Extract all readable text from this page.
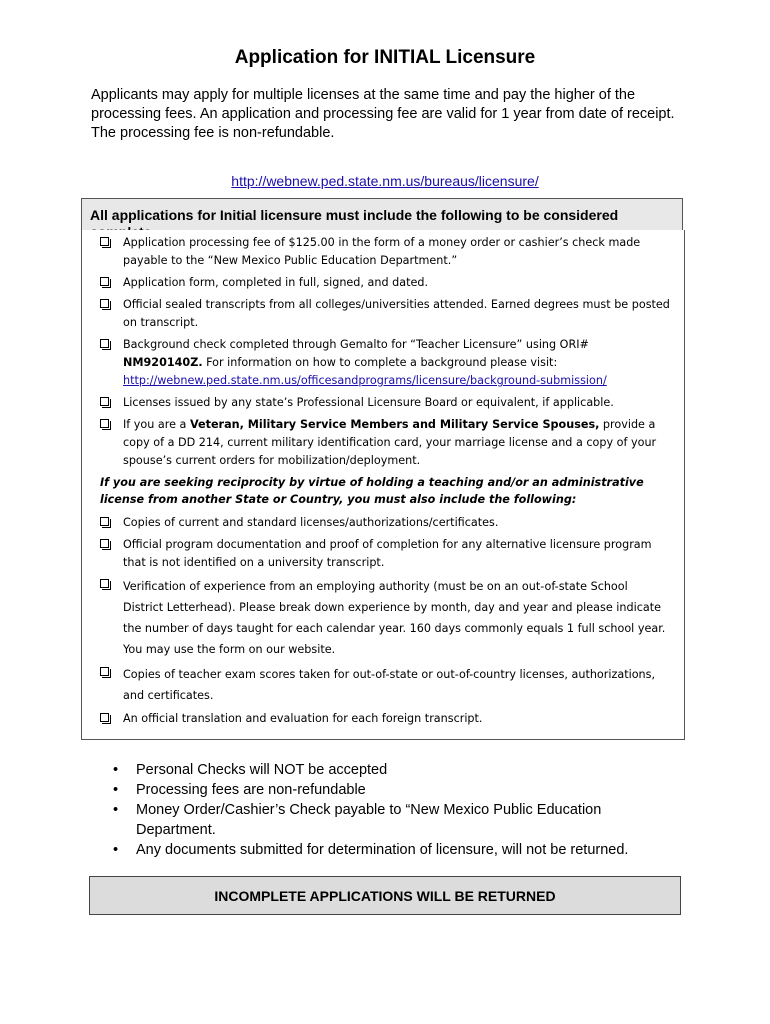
Application for INITIAL Licensure
Applicants may apply for multiple licenses at the same time and pay the higher of the processing fees. An application and processing fee are valid for 1 year from date of receipt. The processing fee is non-refundable.
http://webnew.ped.state.nm.us/bureaus/licensure/
All applications for Initial licensure must include the following to be considered
Application processing fee of $125.00 in the form of a money order or cashier’s check made payable to the “New Mexico Public Education Department.”
Application form, completed in full, signed, and dated.
Official sealed transcripts from all colleges/universities attended. Earned degrees must be posted on transcript.
Background check completed through Gemalto for “Teacher Licensure” using ORI# NM920140Z. For information on how to complete a background please visit: http://webnew.ped.state.nm.us/officesandprograms/licensure/background-submission/
Licenses issued by any state’s Professional Licensure Board or equivalent, if applicable.
If you are a Veteran, Military Service Members and Military Service Spouses, provide a copy of a DD 214, current military identification card, your marriage license and a copy of your spouse’s current orders for mobilization/deployment.
If you are seeking reciprocity by virtue of holding a teaching and/or an administrative license from another State or Country, you must also include the following:
Copies of current and standard licenses/authorizations/certificates.
Official program documentation and proof of completion for any alternative licensure program that is not identified on a university transcript.
Verification of experience from an employing authority (must be on an out-of-state School District Letterhead). Please break down experience by month, day and year and please indicate the number of days taught for each calendar year. 160 days commonly equals 1 full school year. You may use the form on our website.
Copies of teacher exam scores taken for out-of-state or out-of-country licenses, authorizations, and certificates.
An official translation and evaluation for each foreign transcript.
• Personal Checks will NOT be accepted
• Processing fees are non-refundable
• Money Order/Cashier’s Check payable to “New Mexico Public Education Department.
• Any documents submitted for determination of licensure, will not be returned.
INCOMPLETE APPLICATIONS WILL BE RETURNED
